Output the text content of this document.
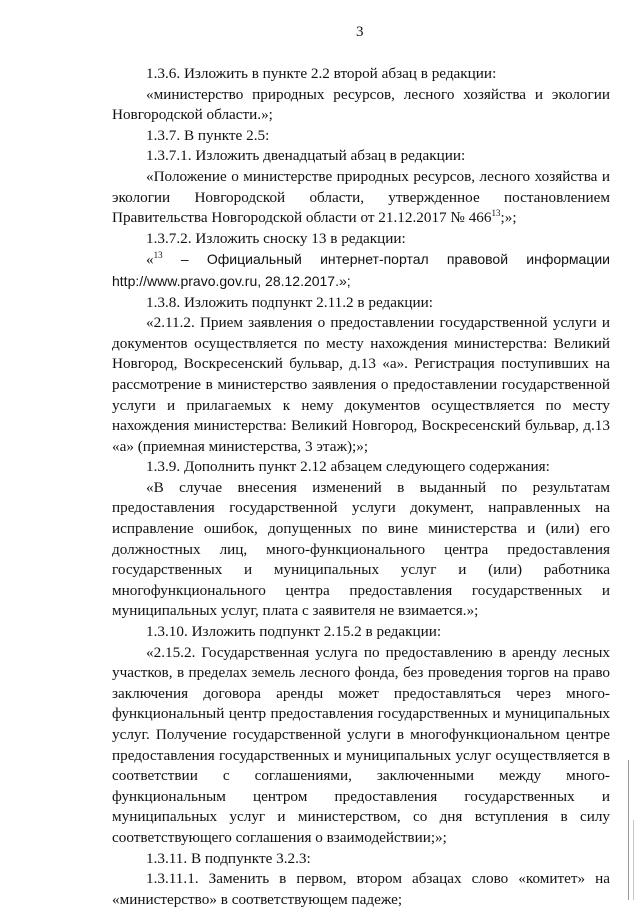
3

1.3.6. Изложить в пункте 2.2 второй абзац в редакции:

«министерство природных ресурсов, лесного хозяйства и экологии Новгородской области.»;

1.3.7. В пункте 2.5:

1.3.7.1. Изложить двенадцатый абзац в редакции:

«Положение о министерстве природных ресурсов, лесного хозяйства и экологии Новгородской области, утвержденное постановлением Правительства Новгородской области от 21.12.2017 № $466^{13}$;»;

1.3.7.2. Изложить сноску 13 в редакции:

«$^{13}$ – Официальный интернет-портал правовой информации http://www.pravo.gov.ru, 28.12.2017.»;

1.3.8. Изложить подпункт 2.11.2 в редакции:

«2.11.2. Прием заявления о предоставлении государственной услуги и документов осуществляется по месту нахождения министерства: Великий Новгород, Воскресенский бульвар, д.13 «а». Регистрация поступивших на рассмотрение в министерство заявления о предоставлении государственной услуги и прилагаемых к нему документов осуществляется по месту нахождения министерства: Великий Новгород, Воскресенский бульвар, д.13 «а» (приемная министерства, 3 этаж);»;

1.3.9. Дополнить пункт 2.12 абзацем следующего содержания:

«В случае внесения изменений в выданный по результатам предоставления государственной услуги документ, направленных на исправление ошибок, допущенных по вине министерства и (или) его должностных лиц, много-функционального центра предоставления государственных и муниципальных услуг и (или) работника многофункционального центра предоставления государственных и муниципальных услуг, плата с заявителя не взимается.»;

1.3.10. Изложить подпункт 2.15.2 в редакции:

«2.15.2. Государственная услуга по предоставлению в аренду лесных участков, в пределах земель лесного фонда, без проведения торгов на право заключения договора аренды может предоставляться через много-функциональный центр предоставления государственных и муниципальных услуг. Получение государственной услуги в многофункциональном центре предоставления государственных и муниципальных услуг осуществляется в соответствии с соглашениями, заключенными между много-функциональным центром предоставления государственных и муниципальных услуг и министерством, со дня вступления в силу соответствующего соглашения о взаимодействии;»;

1.3.11. В подпункте 3.2.3:

1.3.11.1. Заменить в первом, втором абзацах слово «комитет» на «министерство» в соответствующем падеже;
